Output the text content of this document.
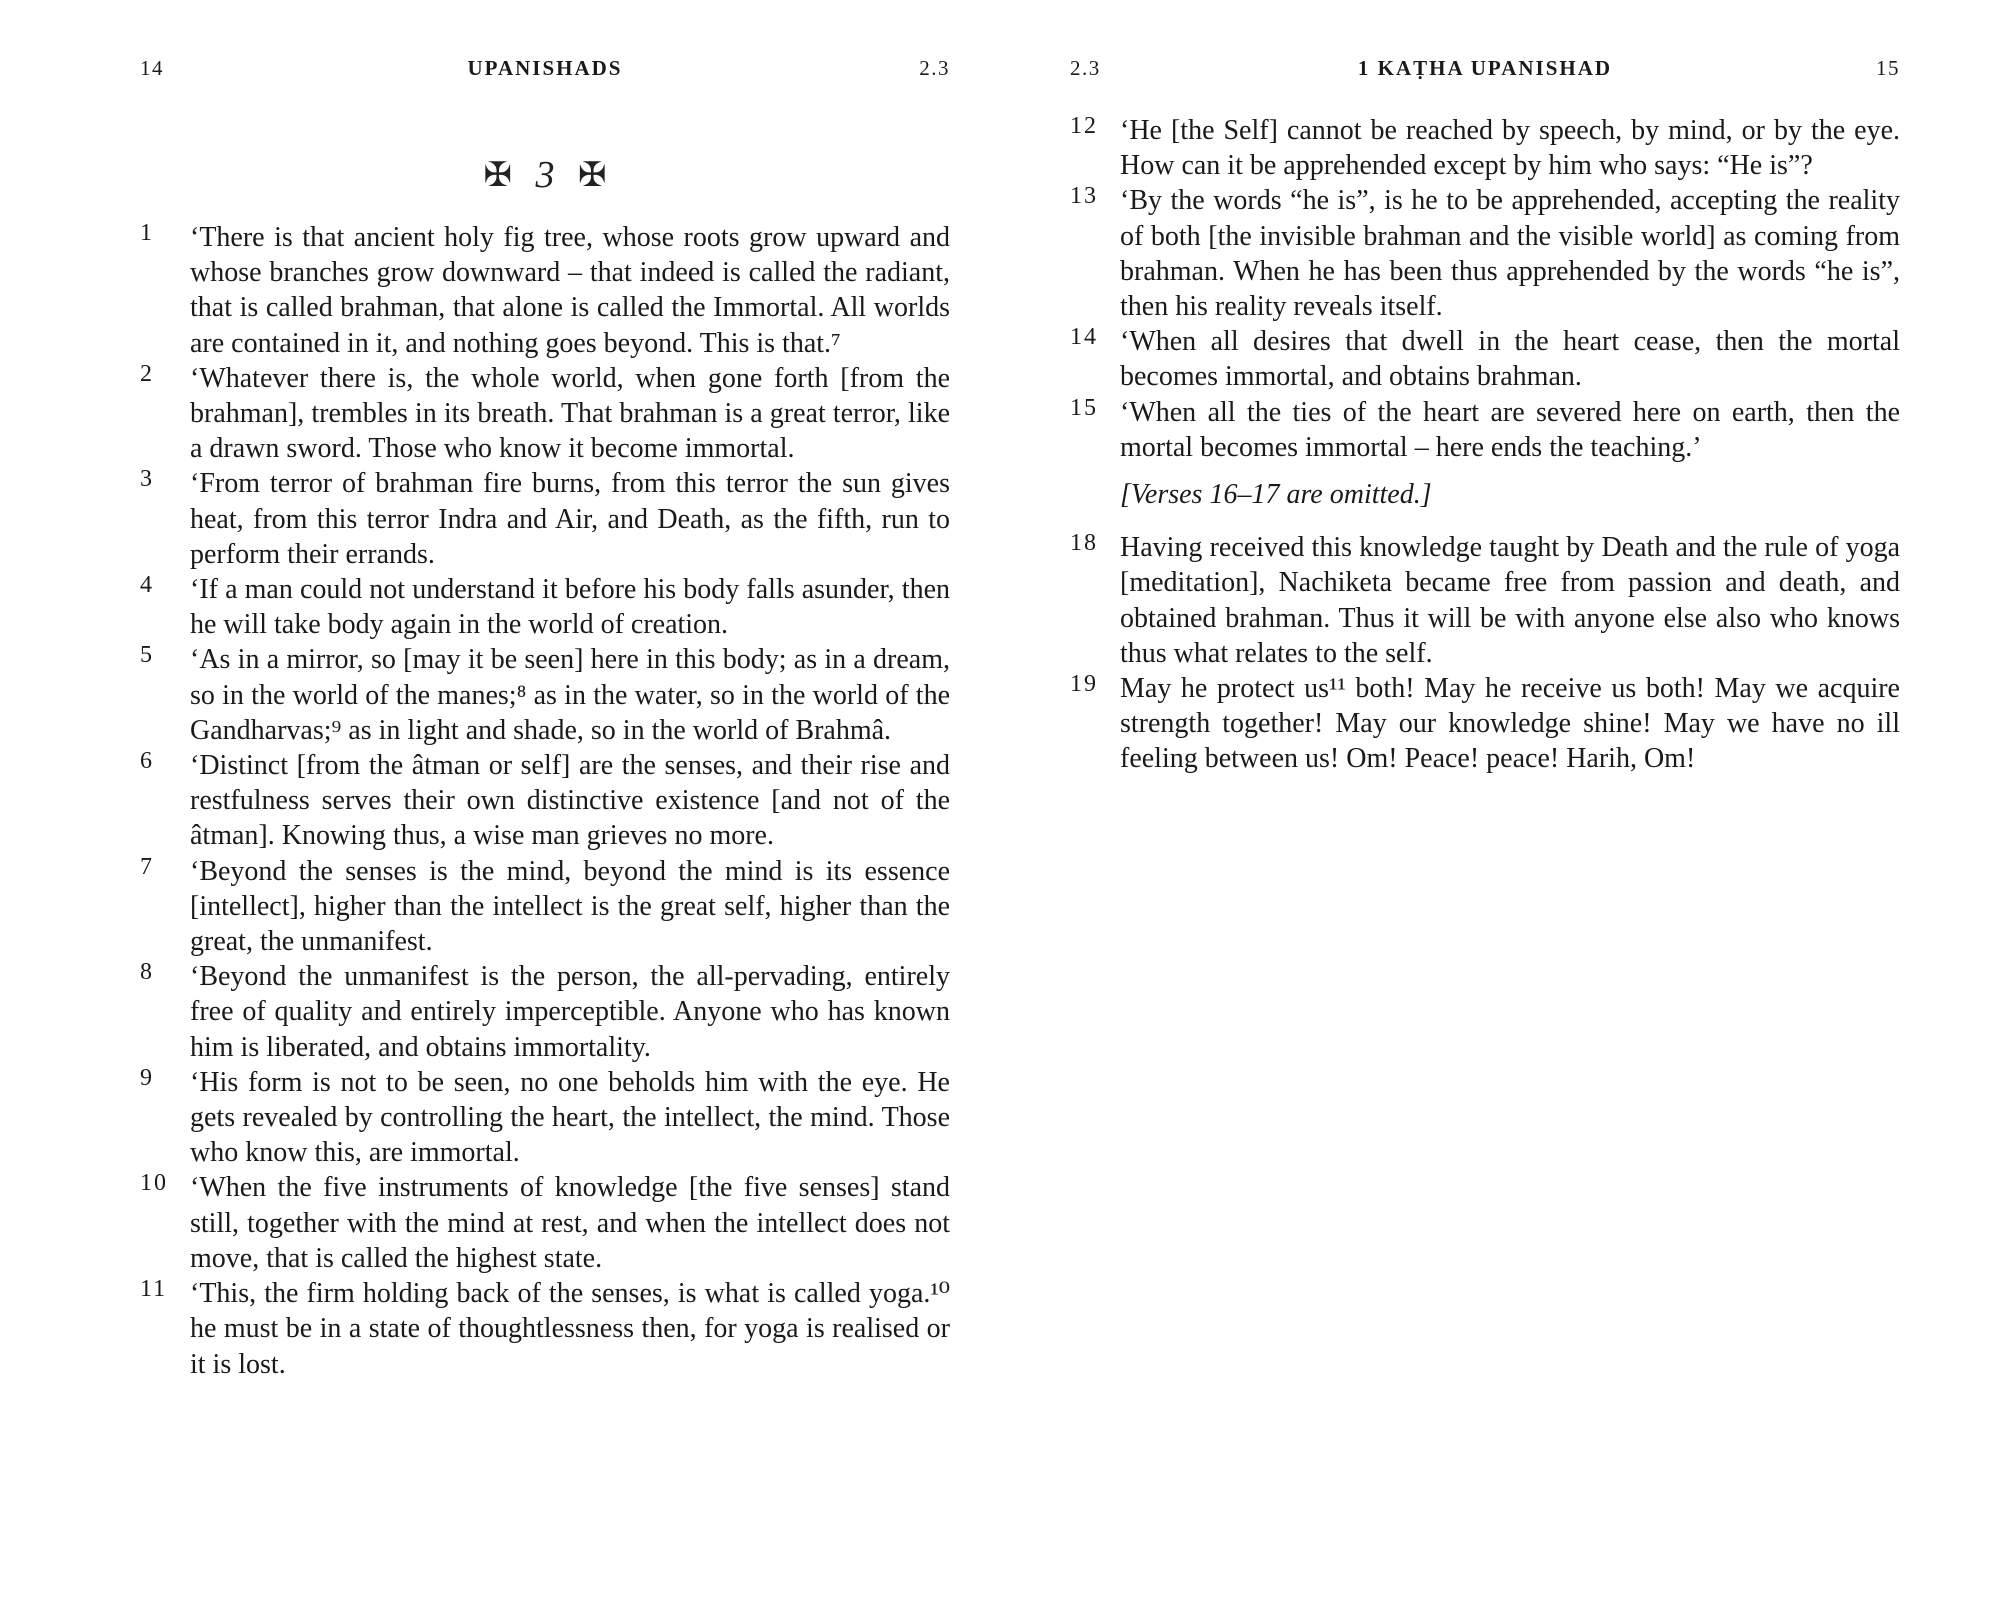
14	UPANISHADS	2.3
✠ 3 ✠

1	‘There is that ancient holy fig tree, whose roots grow upward and whose branches grow downward – that indeed is called the radiant, that is called brahman, that alone is called the Immortal. All worlds are contained in it, and nothing goes beyond. This is that.⁷

2	‘Whatever there is, the whole world, when gone forth [from the brahman], trembles in its breath. That brahman is a great terror, like a drawn sword. Those who know it become immortal.

3	‘From terror of brahman fire burns, from this terror the sun gives heat, from this terror Indra and Air, and Death, as the fifth, run to perform their errands.

4	‘If a man could not understand it before his body falls asunder, then he will take body again in the world of creation.

5	‘As in a mirror, so [may it be seen] here in this body; as in a dream, so in the world of the manes;⁸ as in the water, so in the world of the Gandharvas;⁹ as in light and shade, so in the world of Brahmâ.

6	‘Distinct [from the âtman or self] are the senses, and their rise and restfulness serves their own distinctive existence [and not of the âtman]. Knowing thus, a wise man grieves no more.

7	‘Beyond the senses is the mind, beyond the mind is its essence [intellect], higher than the intellect is the great self, higher than the great, the unmanifest.

8	‘Beyond the unmanifest is the person, the all-pervading, entirely free of quality and entirely imperceptible. Anyone who has known him is liberated, and obtains immortality.

9	‘His form is not to be seen, no one beholds him with the eye. He gets revealed by controlling the heart, the intellect, the mind. Those who know this, are immortal.

10 ‘When the five instruments of knowledge [the five senses] stand still, together with the mind at rest, and when the intellect does not move, that is called the highest state.

11 ‘This, the firm holding back of the senses, is what is called yoga.¹⁰ he must be in a state of thoughtlessness then, for yoga is realised or it is lost.

2.3	1 KAṬHA UPANISHAD	15

12 ‘He [the Self] cannot be reached by speech, by mind, or by the eye. How can it be apprehended except by him who says: “He is”?

13 ‘By the words “he is”, is he to be apprehended, accepting the reality of both [the invisible brahman and the visible world] as coming from brahman. When he has been thus apprehended by the words “he is”, then his reality reveals itself.

14 ‘When all desires that dwell in the heart cease, then the mortal becomes immortal, and obtains brahman.

15 ‘When all the ties of the heart are severed here on earth, then the mortal becomes immortal – here ends the teaching.’

[Verses 16–17 are omitted.]

18 Having received this knowledge taught by Death and the rule of yoga [meditation], Nachiketa became free from passion and death, and obtained brahman. Thus it will be with anyone else also who knows thus what relates to the self.

19 May he protect us¹¹ both! May he receive us both! May we acquire strength together! May our knowledge shine! May we have no ill feeling between us! Om! Peace! peace! Harih, Om!
